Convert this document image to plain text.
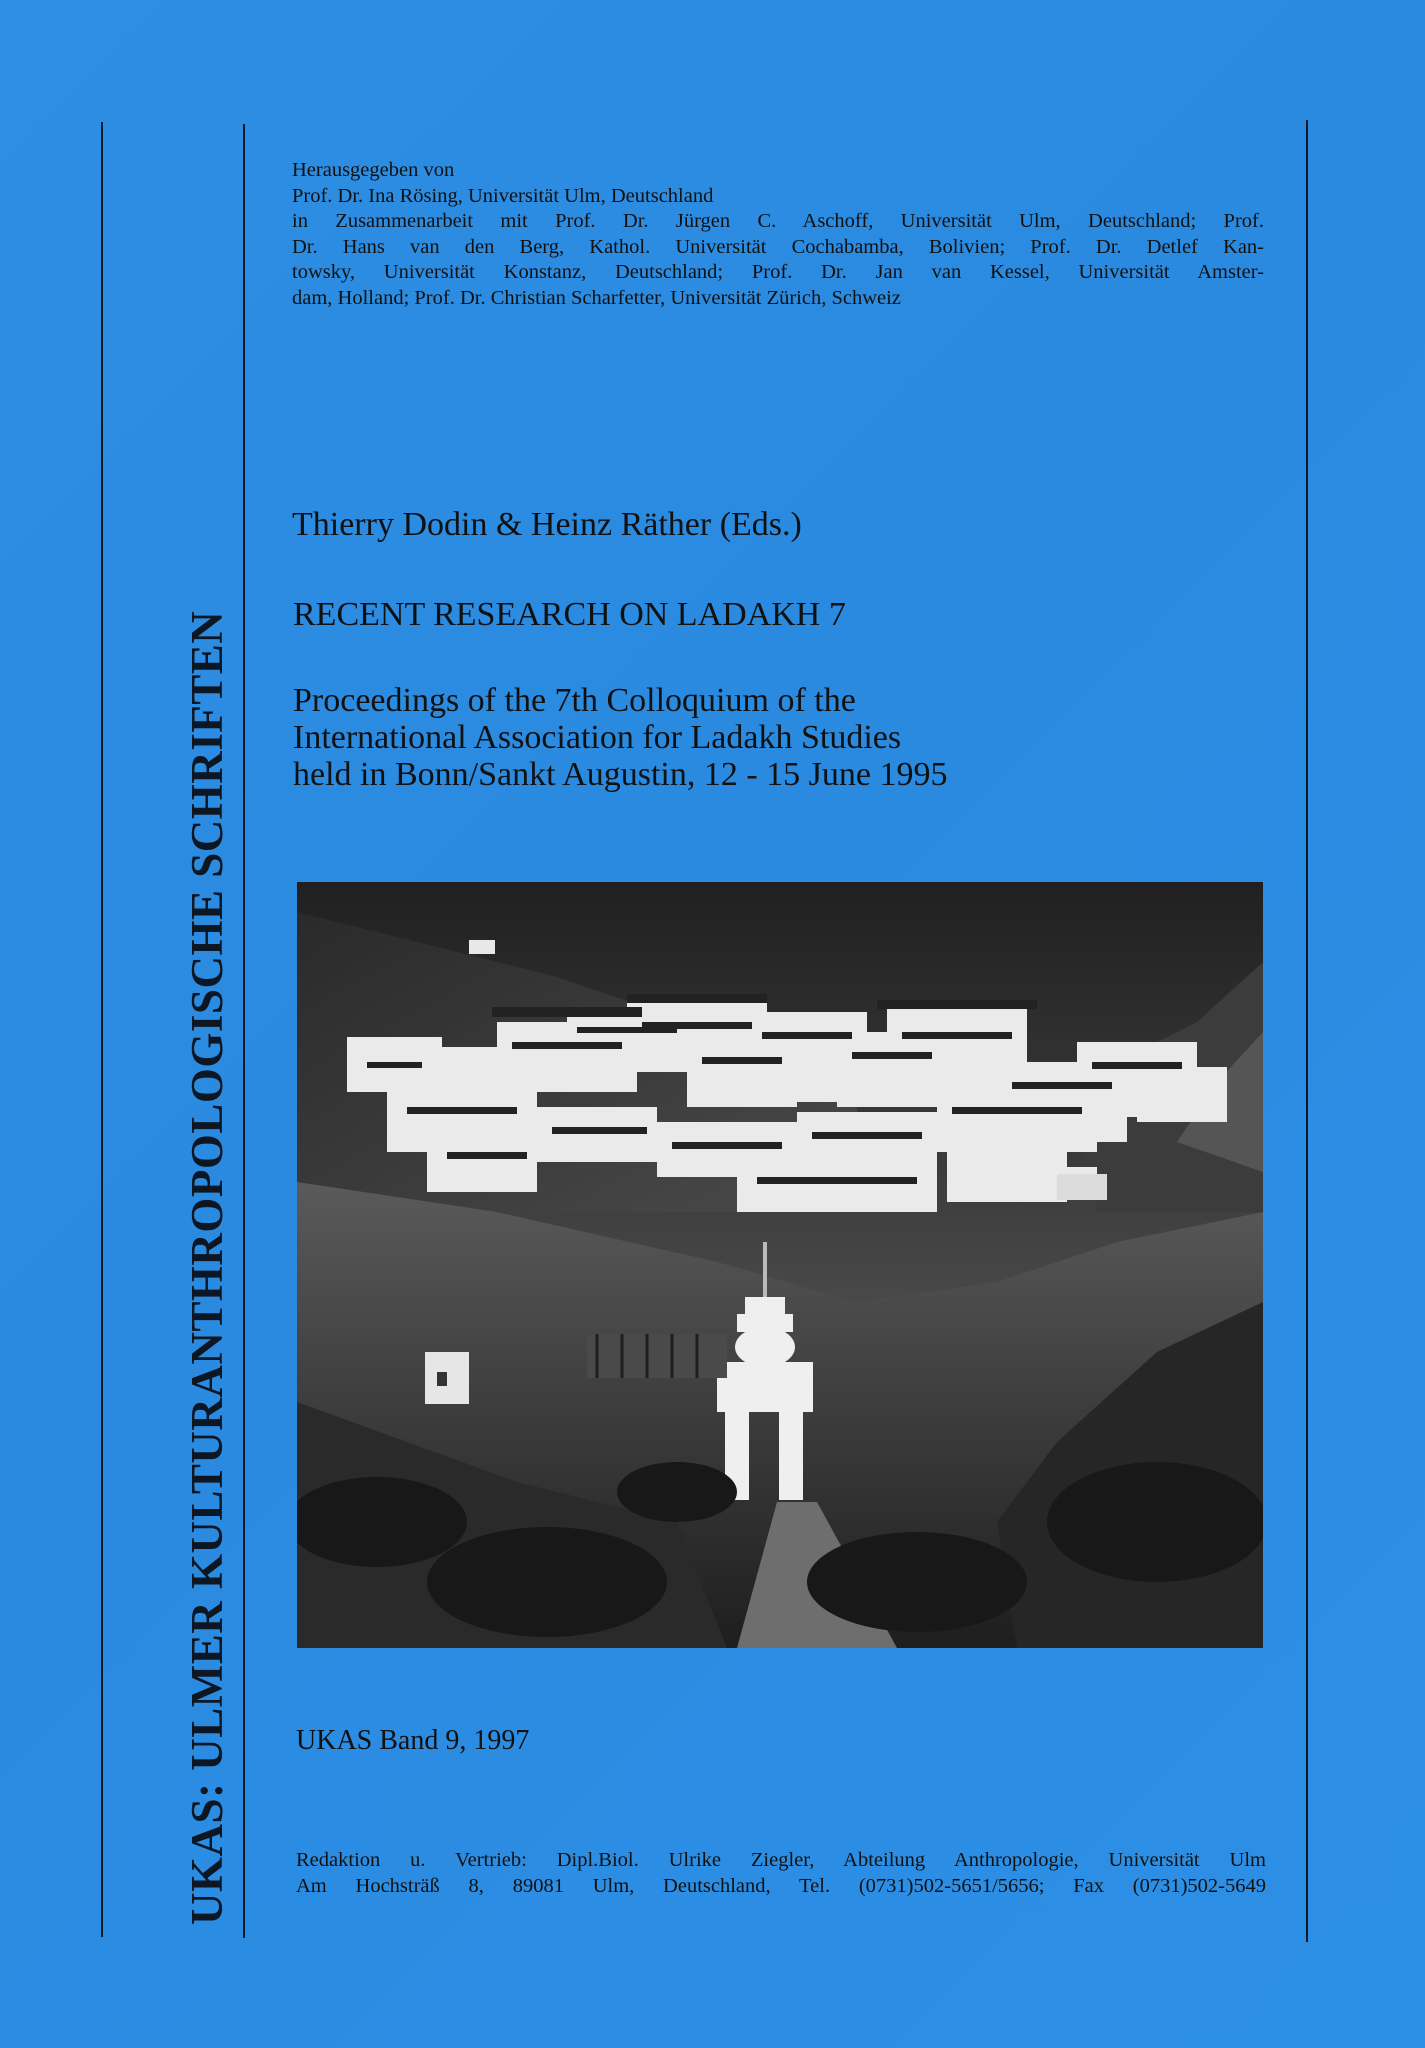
UKAS: ULMER KULTURANTHROPOLOGISCHE SCHRIFTEN
Herausgegeben von
Prof. Dr. Ina Rösing, Universität Ulm, Deutschland
in Zusammenarbeit mit Prof. Dr. Jürgen C. Aschoff, Universität Ulm, Deutschland; Prof.
Dr. Hans van den Berg, Kathol. Universität Cochabamba, Bolivien; Prof. Dr. Detlef Kan-
towsky, Universität Konstanz, Deutschland; Prof. Dr. Jan van Kessel, Universität Amster-
dam, Holland; Prof. Dr. Christian Scharfetter, Universität Zürich, Schweiz
Thierry Dodin & Heinz Räther (Eds.)
RECENT RESEARCH ON LADAKH 7
Proceedings of the 7th Colloquium of the
International Association for Ladakh Studies
held in Bonn/Sankt Augustin, 12 - 15 June 1995
UKAS Band 9, 1997
Redaktion u. Vertrieb: Dipl.Biol. Ulrike Ziegler, Abteilung Anthropologie, Universität Ulm
Am Hochsträß 8, 89081 Ulm, Deutschland, Tel. (0731)502-5651/5656; Fax (0731)502-5649
